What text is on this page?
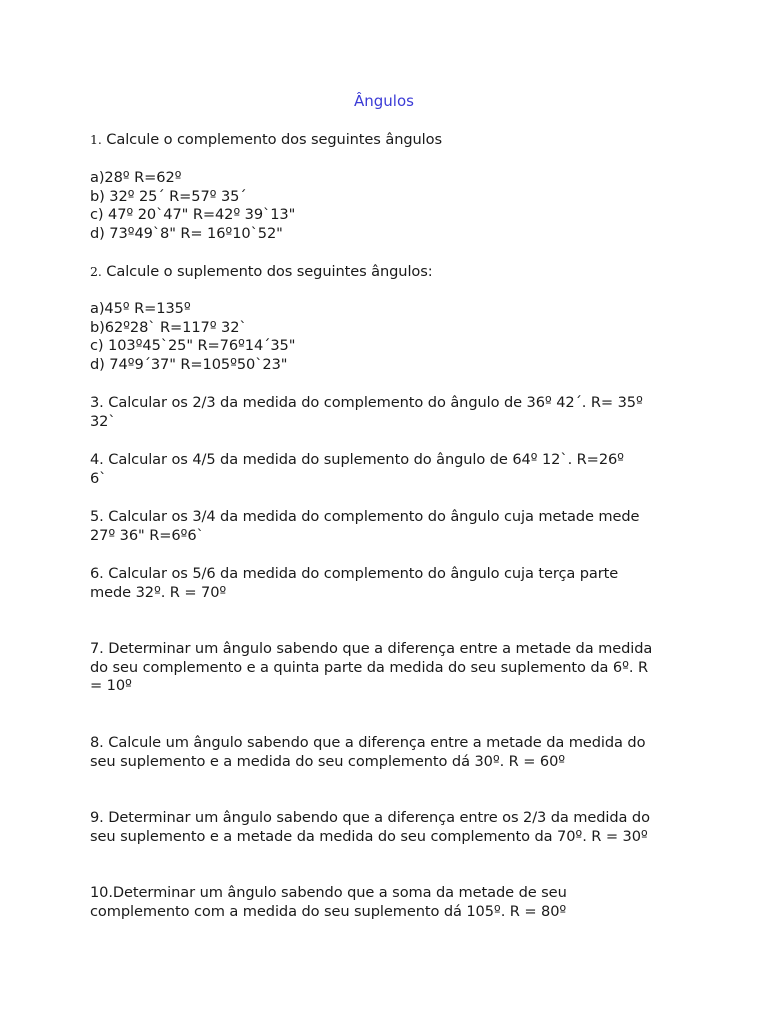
Ângulos
1. Calcule o complemento dos seguintes ângulos
a)28º R=62º
b) 32º 25´ R=57º 35´
c) 47º 20`47" R=42º 39`13"
d) 73º49`8" R= 16º10`52"
2. Calcule o suplemento dos seguintes ângulos:
a)45º R=135º
b)62º28` R=117º 32`
c) 103º45`25" R=76º14´35"
d) 74º9´37" R=105º50`23"
3. Calcular os 2/3 da medida do complemento do ângulo de 36º 42´. R= 35º
32`
4. Calcular os 4/5 da medida do suplemento do ângulo de 64º 12`. R=26º
6`
5. Calcular os 3/4 da medida do complemento do ângulo cuja metade mede
27º 36" R=6º6`
6. Calcular os 5/6 da medida do complemento do ângulo cuja terça parte
mede 32º. R = 70º
7. Determinar um ângulo sabendo que a diferença entre a metade da medida
do seu complemento e a quinta parte da medida do seu suplemento da 6º. R
= 10º
8. Calcule um ângulo sabendo que a diferença entre a metade da medida do
seu suplemento e a medida do seu complemento dá 30º. R = 60º
9. Determinar um ângulo sabendo que a diferença entre os 2/3 da medida do
seu suplemento e a metade da medida do seu complemento da 70º. R = 30º
10.Determinar um ângulo sabendo que a soma da metade de seu
complemento com a medida do seu suplemento dá 105º. R = 80º
